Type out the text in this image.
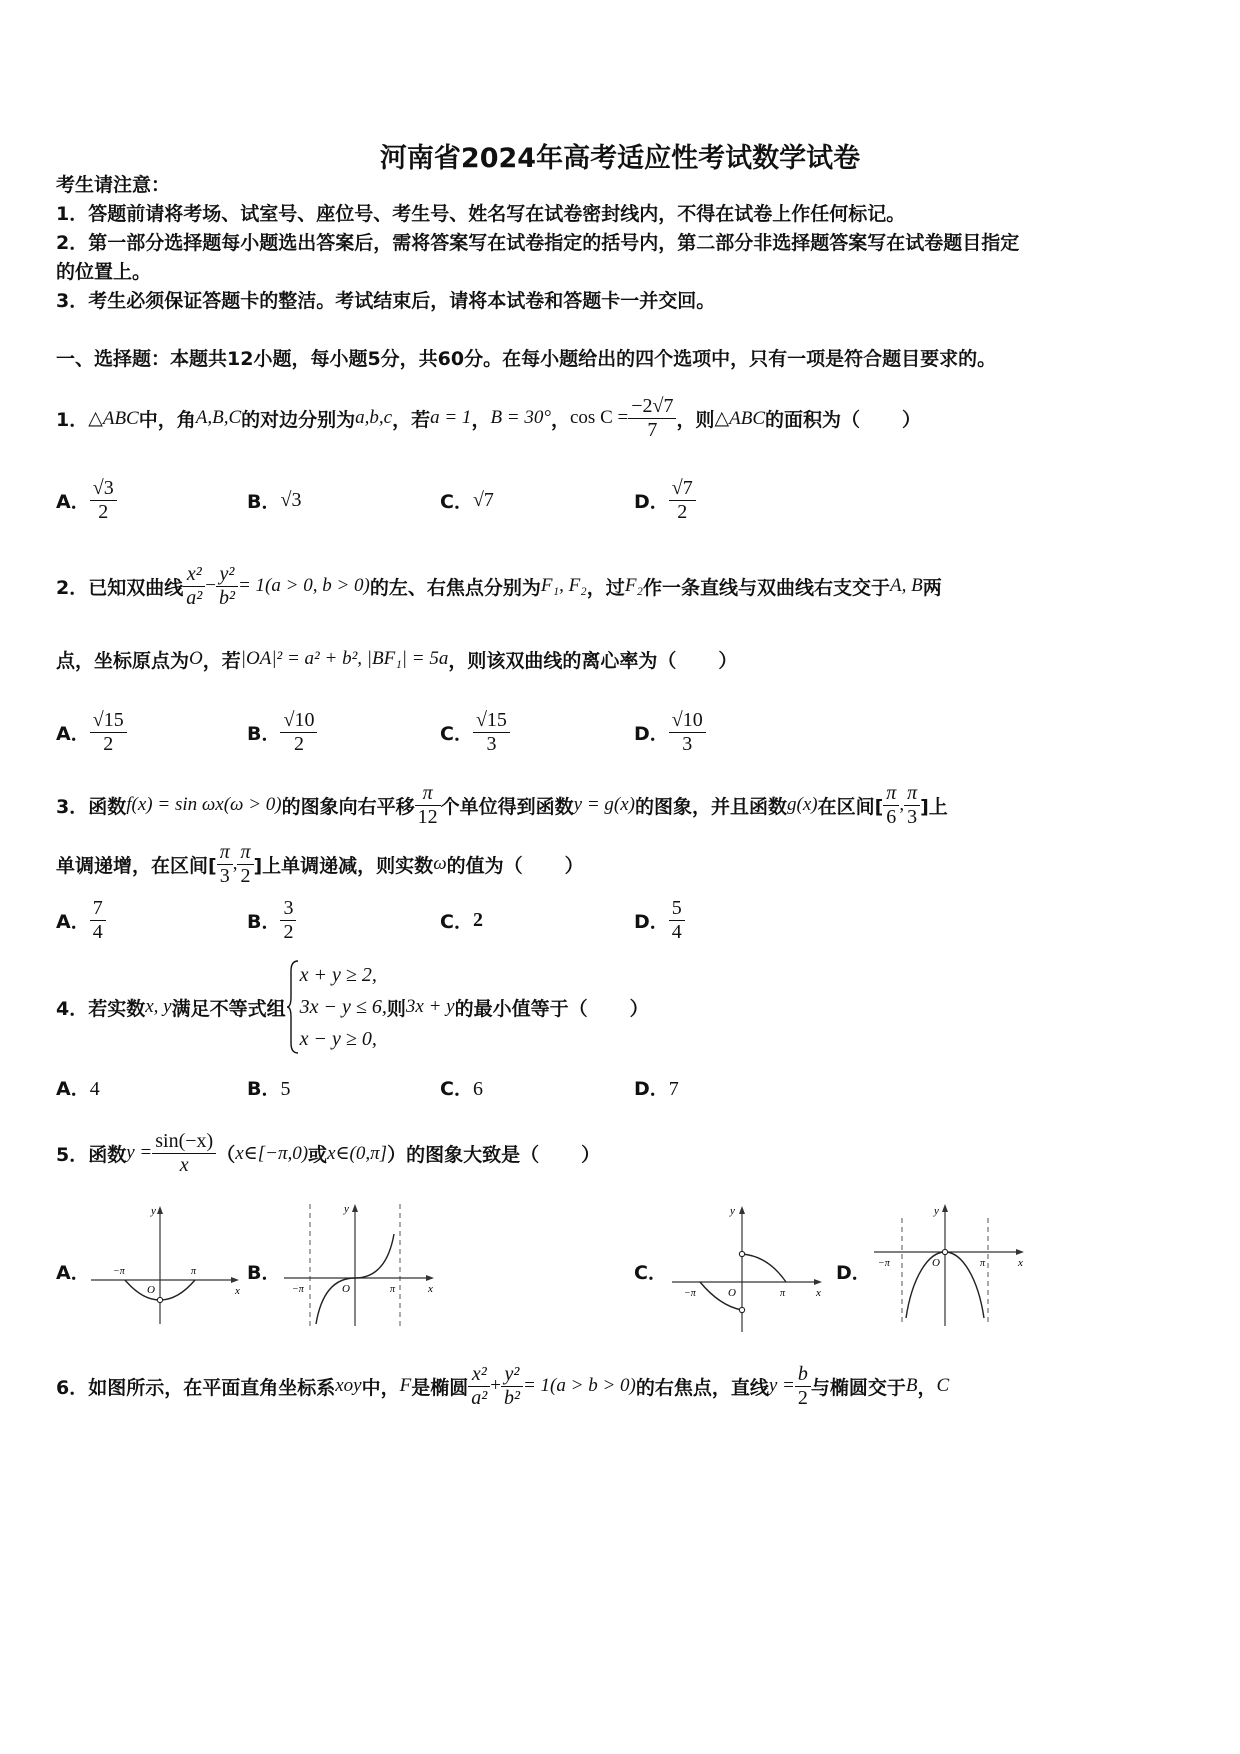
河南省2024年高考适应性考试数学试卷
考生请注意：
1．答题前请将考场、试室号、座位号、考生号、姓名写在试卷密封线内，不得在试卷上作任何标记。
2．第一部分选择题每小题选出答案后，需将答案写在试卷指定的括号内，第二部分非选择题答案写在试卷题目指定
的位置上。
3．考生必须保证答题卡的整洁。考试结束后，请将本试卷和答题卡一并交回。
一、选择题：本题共12小题，每小题5分，共60分。在每小题给出的四个选项中，只有一项是符合题目要求的。
1． △ABC 中，角 A,B,C 的对边分别为 a,b,c ，若 a = 1 ， B = 30° ， $\cos C = \frac{-2√7}{7}$ ，则 △ABC 的面积为（ ）
A． $\frac{√3}{2}$	B． √3	C． √7	D． $\frac{√7}{2}$
2． 已知双曲线 $\frac{\text{x²}}{\text{a²}} - \frac{\text{y²}}{\text{b²}} = 1(a > 0$, b > 0) 的左、右焦点分别为 F₁, F₂ ，过 F₂ 作一条直线与双曲线右支交于 A, B 两
点，坐标原点为 O ，若 |OA|² = a² + b², |BF₁| = 5a ，则该双曲线的离心率为（ ）
A． $\frac{√15}{2}$	B． $\frac{√10}{2}$	C． $\frac{√15}{3}$	D． $\frac{√10}{3}$
3． 函数 f(x) = sin ωx(ω > 0) 的图象向右平移 $\frac{\pi}{12}$ 个单位得到函数 y = g(x) 的图象，并且函数 g(x) 在区间[ $\frac{\pi}{6}$ , $\frac{\pi}{3}$ ]上
单调递增，在区间[ $\frac{\pi}{3}$ , $\frac{\pi}{2}$ ]上单调递减，则实数 ω 的值为（ ）
A． $\frac{7}{4}$	B． $\frac{3}{2}$	C． 2	D． $\frac{5}{4}$
4． 若实数 x, y 满足不等式组
x + y ≥ 2,
3x − y ≤ 6,
x − y ≥ 0,
则 3x + y 的最小值等于（ ）
A．4	B．5	C．6	D．7
5． 函数 $y = \frac{\sin(-x)}{x}$ （ x∈[−π,0) 或 x∈(0,π] ）的图象大致是（ ）
A．	B．	C．	D．
y
x
O
−π	π
y
x
O
−π	π
y
x
O
−π	π
y
x
O
−π	π
6． 如图所示，在平面直角坐标系 xoy 中， F 是椭圆 $\frac{\text{x²}}{\text{a²}} + \frac{\text{y²}}{\text{b²}} = 1(a > b > 0)$ 的右焦点，直线 $y = \frac{b}{2}$ 与椭圆交于 B ， C
